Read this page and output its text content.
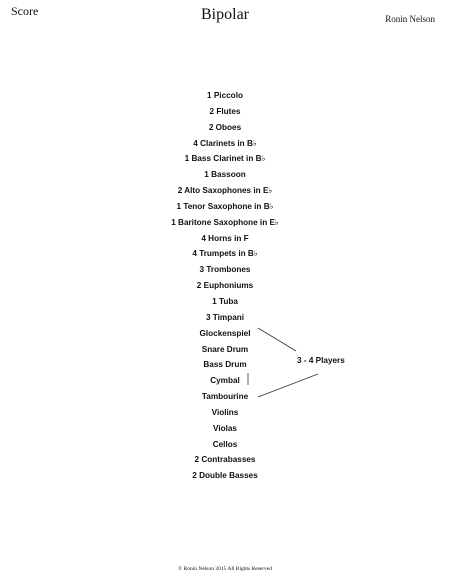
Score	Bipolar	Ronin Nelson
1 Piccolo
2 Flutes
2 Oboes
4 Clarinets in B♭
1 Bass Clarinet in B♭
1 Bassoon
2 Alto Saxophones in E♭
1 Tenor Saxophone in B♭
1 Baritone Saxophone in E♭
4 Horns in F
4 Trumpets in B♭
3 Trombones
2 Euphoniums
1 Tuba
3 Timpani
Glockenspiel
Snare Drum
Bass Drum
Cymbal
Tambourine
Violins
Violas
Cellos
2 Contrabasses
2 Double Basses
3 - 4 Players
© Ronin Nelson 2015 All Rights Reserved
